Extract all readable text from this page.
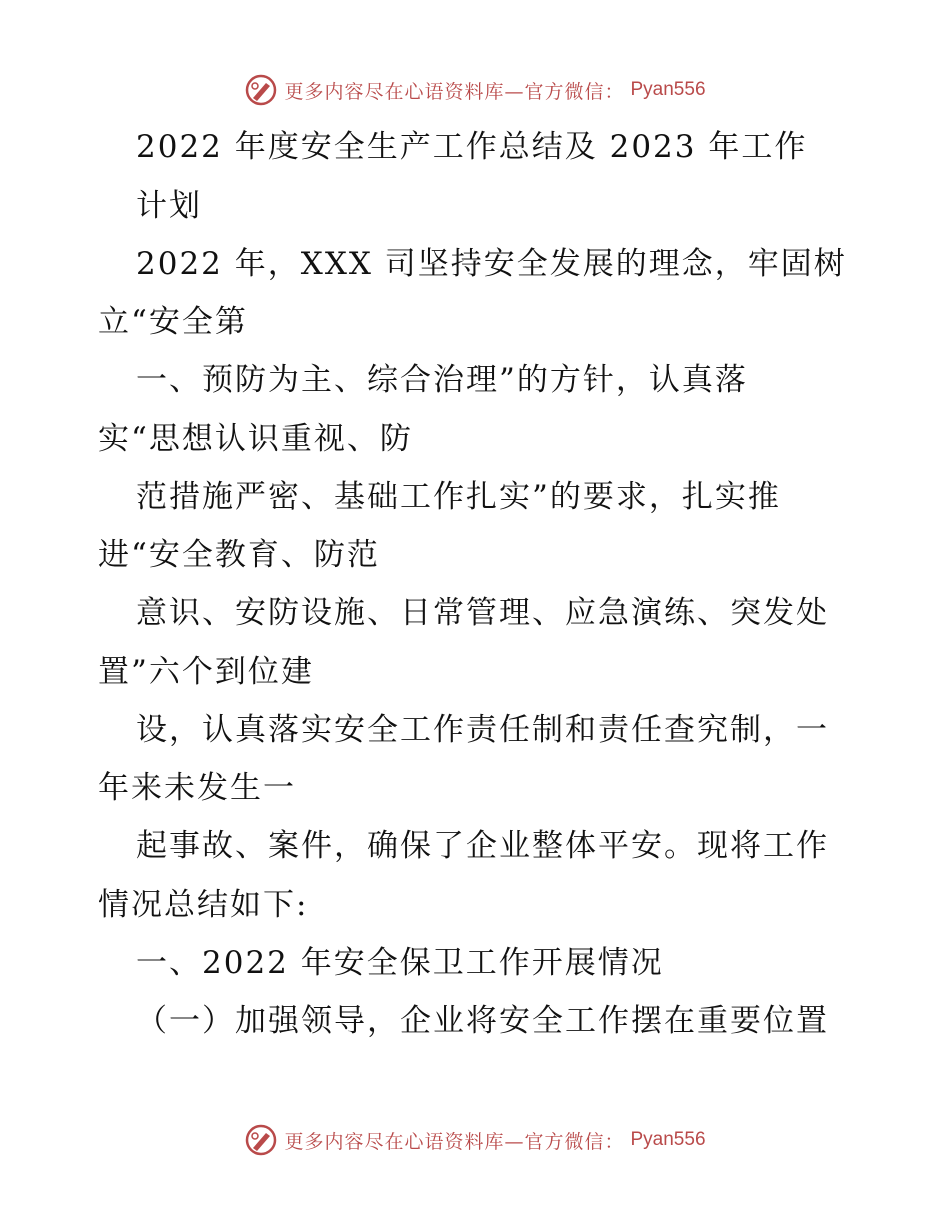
更多内容尽在心语资料库—官方微信： Pyan556
2022 年度安全生产工作总结及 2023 年工作
计划
2022 年，XXX 司坚持安全发展的理念，牢固树
立“安全第
一、预防为主、综合治理”的方针，认真落
实“思想认识重视、防
范措施严密、基础工作扎实”的要求，扎实推
进“安全教育、防范
意识、安防设施、日常管理、应急演练、突发处
置”六个到位建
设，认真落实安全工作责任制和责任查究制，一
年来未发生一
起事故、案件，确保了企业整体平安。现将工作
情况总结如下:
一、2022 年安全保卫工作开展情况
（一）加强领导，企业将安全工作摆在重要位置
更多内容尽在心语资料库—官方微信： Pyan556
